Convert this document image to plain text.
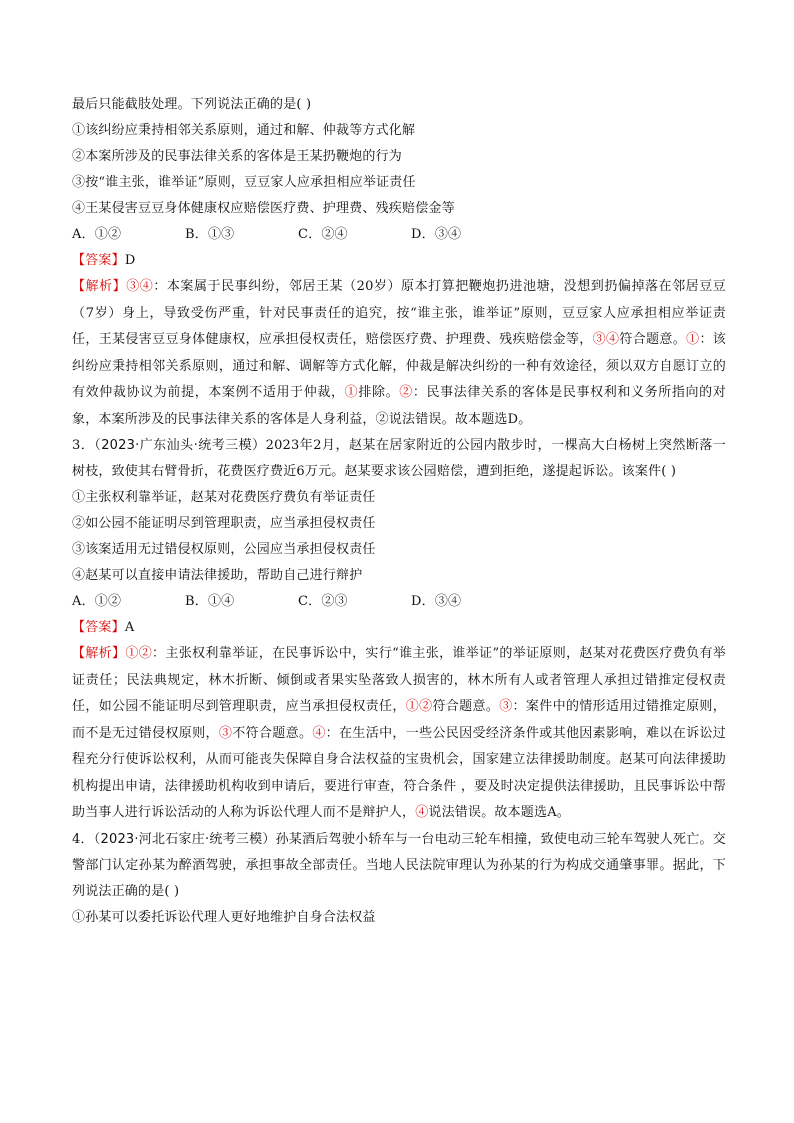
最后只能截肢处理。下列说法正确的是( )
①该纠纷应秉持相邻关系原则，通过和解、仲裁等方式化解
②本案所涉及的民事法律关系的客体是王某扔鞭炮的行为
③按“谁主张，谁举证”原则，豆豆家人应承担相应举证责任
④王某侵害豆豆身体健康权应赔偿医疗费、护理费、残疾赔偿金等
A．①②	B．①③	C．②④	D．③④
【答案】D
【解析】③④：本案属于民事纠纷，邻居王某（20岁）原本打算把鞭炮扔进池塘，没想到扔偏掉落在邻居豆豆（7岁）身上，导致受伤严重，针对民事责任的追究，按“谁主张，谁举证”原则，豆豆家人应承担相应举证责任，王某侵害豆豆身体健康权，应承担侵权责任，赔偿医疗费、护理费、残疾赔偿金等，③④符合题意。①：该纠纷应秉持相邻关系原则，通过和解、调解等方式化解，仲裁是解决纠纷的一种有效途径，须以双方自愿订立的有效仲裁协议为前提，本案例不适用于仲裁，①排除。②：民事法律关系的客体是民事权利和义务所指向的对象，本案所涉及的民事法律关系的客体是人身利益，②说法错误。故本题选D。
3．（2023·广东汕头·统考三模）2023年2月，赵某在居家附近的公园内散步时，一棵高大白杨树上突然断落一树枝，致使其右臂骨折，花费医疗费近6万元。赵某要求该公园赔偿，遭到拒绝，遂提起诉讼。该案件( )
①主张权利靠举证，赵某对花费医疗费负有举证责任
②如公园不能证明尽到管理职责，应当承担侵权责任
③该案适用无过错侵权原则，公园应当承担侵权责任
④赵某可以直接申请法律援助，帮助自己进行辩护
A．①②	B．①④	C．②③	D．③④
【答案】A
【解析】①②：主张权利靠举证，在民事诉讼中，实行“谁主张，谁举证”的举证原则，赵某对花费医疗费负有举证责任；民法典规定，林木折断、倾倒或者果实坠落致人损害的，林木所有人或者管理人承担过错推定侵权责任，如公园不能证明尽到管理职责，应当承担侵权责任，①②符合题意。③：案件中的情形适用过错推定原则，而不是无过错侵权原则，③不符合题意。④：在生活中，一些公民因受经济条件或其他因素影响，难以在诉讼过程充分行使诉讼权利，从而可能丧失保障自身合法权益的宝贵机会，国家建立法律援助制度。赵某可向法律援助机构提出申请，法律援助机构收到申请后，要进行审查，符合条件 ，要及时决定提供法律援助，且民事诉讼中帮助当事人进行诉讼活动的人称为诉讼代理人而不是辩护人，④说法错误。故本题选A。
4．（2023·河北石家庄·统考三模）孙某酒后驾驶小轿车与一台电动三轮车相撞，致使电动三轮车驾驶人死亡。交警部门认定孙某为醉酒驾驶，承担事故全部责任。当地人民法院审理认为孙某的行为构成交通肇事罪。据此，下列说法正确的是( )
①孙某可以委托诉讼代理人更好地维护自身合法权益
